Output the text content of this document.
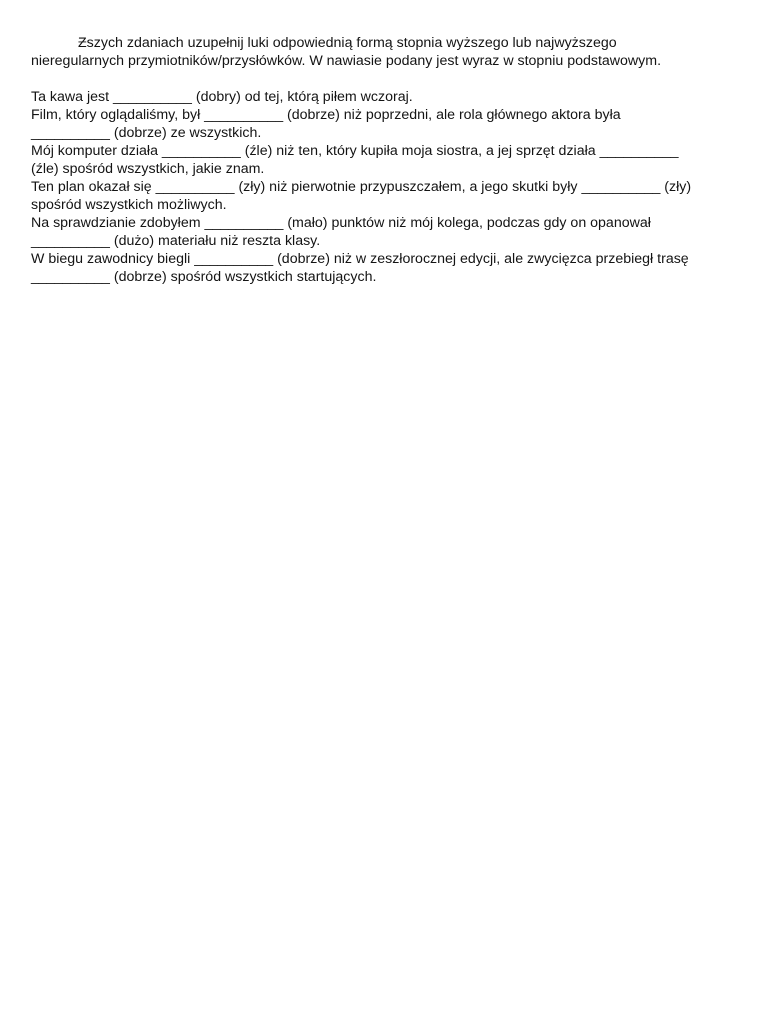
Ƶszych zdaniach uzupełnij luki odpowiednią formą stopnia wyższego lub najwyższego

nieregularnych przymiotników/przysłówków. W nawiasie podany jest wyraz w stopniu podstawowym.

Ta kawa jest __________ (dobry) od tej, którą piłem wczoraj.

Film, który oglądaliśmy, był __________ (dobrze) niż poprzedni, ale rola głównego aktora była

__________ (dobrze) ze wszystkich.

Mój komputer działa __________ (źle) niż ten, który kupiła moja siostra, a jej sprzęt działa __________

(źle) spośród wszystkich, jakie znam.

Ten plan okazał się __________ (zły) niż pierwotnie przypuszczałem, a jego skutki były __________ (zły)

spośród wszystkich możliwych.

Na sprawdzianie zdobyłem __________ (mało) punktów niż mój kolega, podczas gdy on opanował

__________ (dużo) materiału niż reszta klasy.

W biegu zawodnicy biegli __________ (dobrze) niż w zeszłorocznej edycji, ale zwycięzca przebiegł trasę

__________ (dobrze) spośród wszystkich startujących.
